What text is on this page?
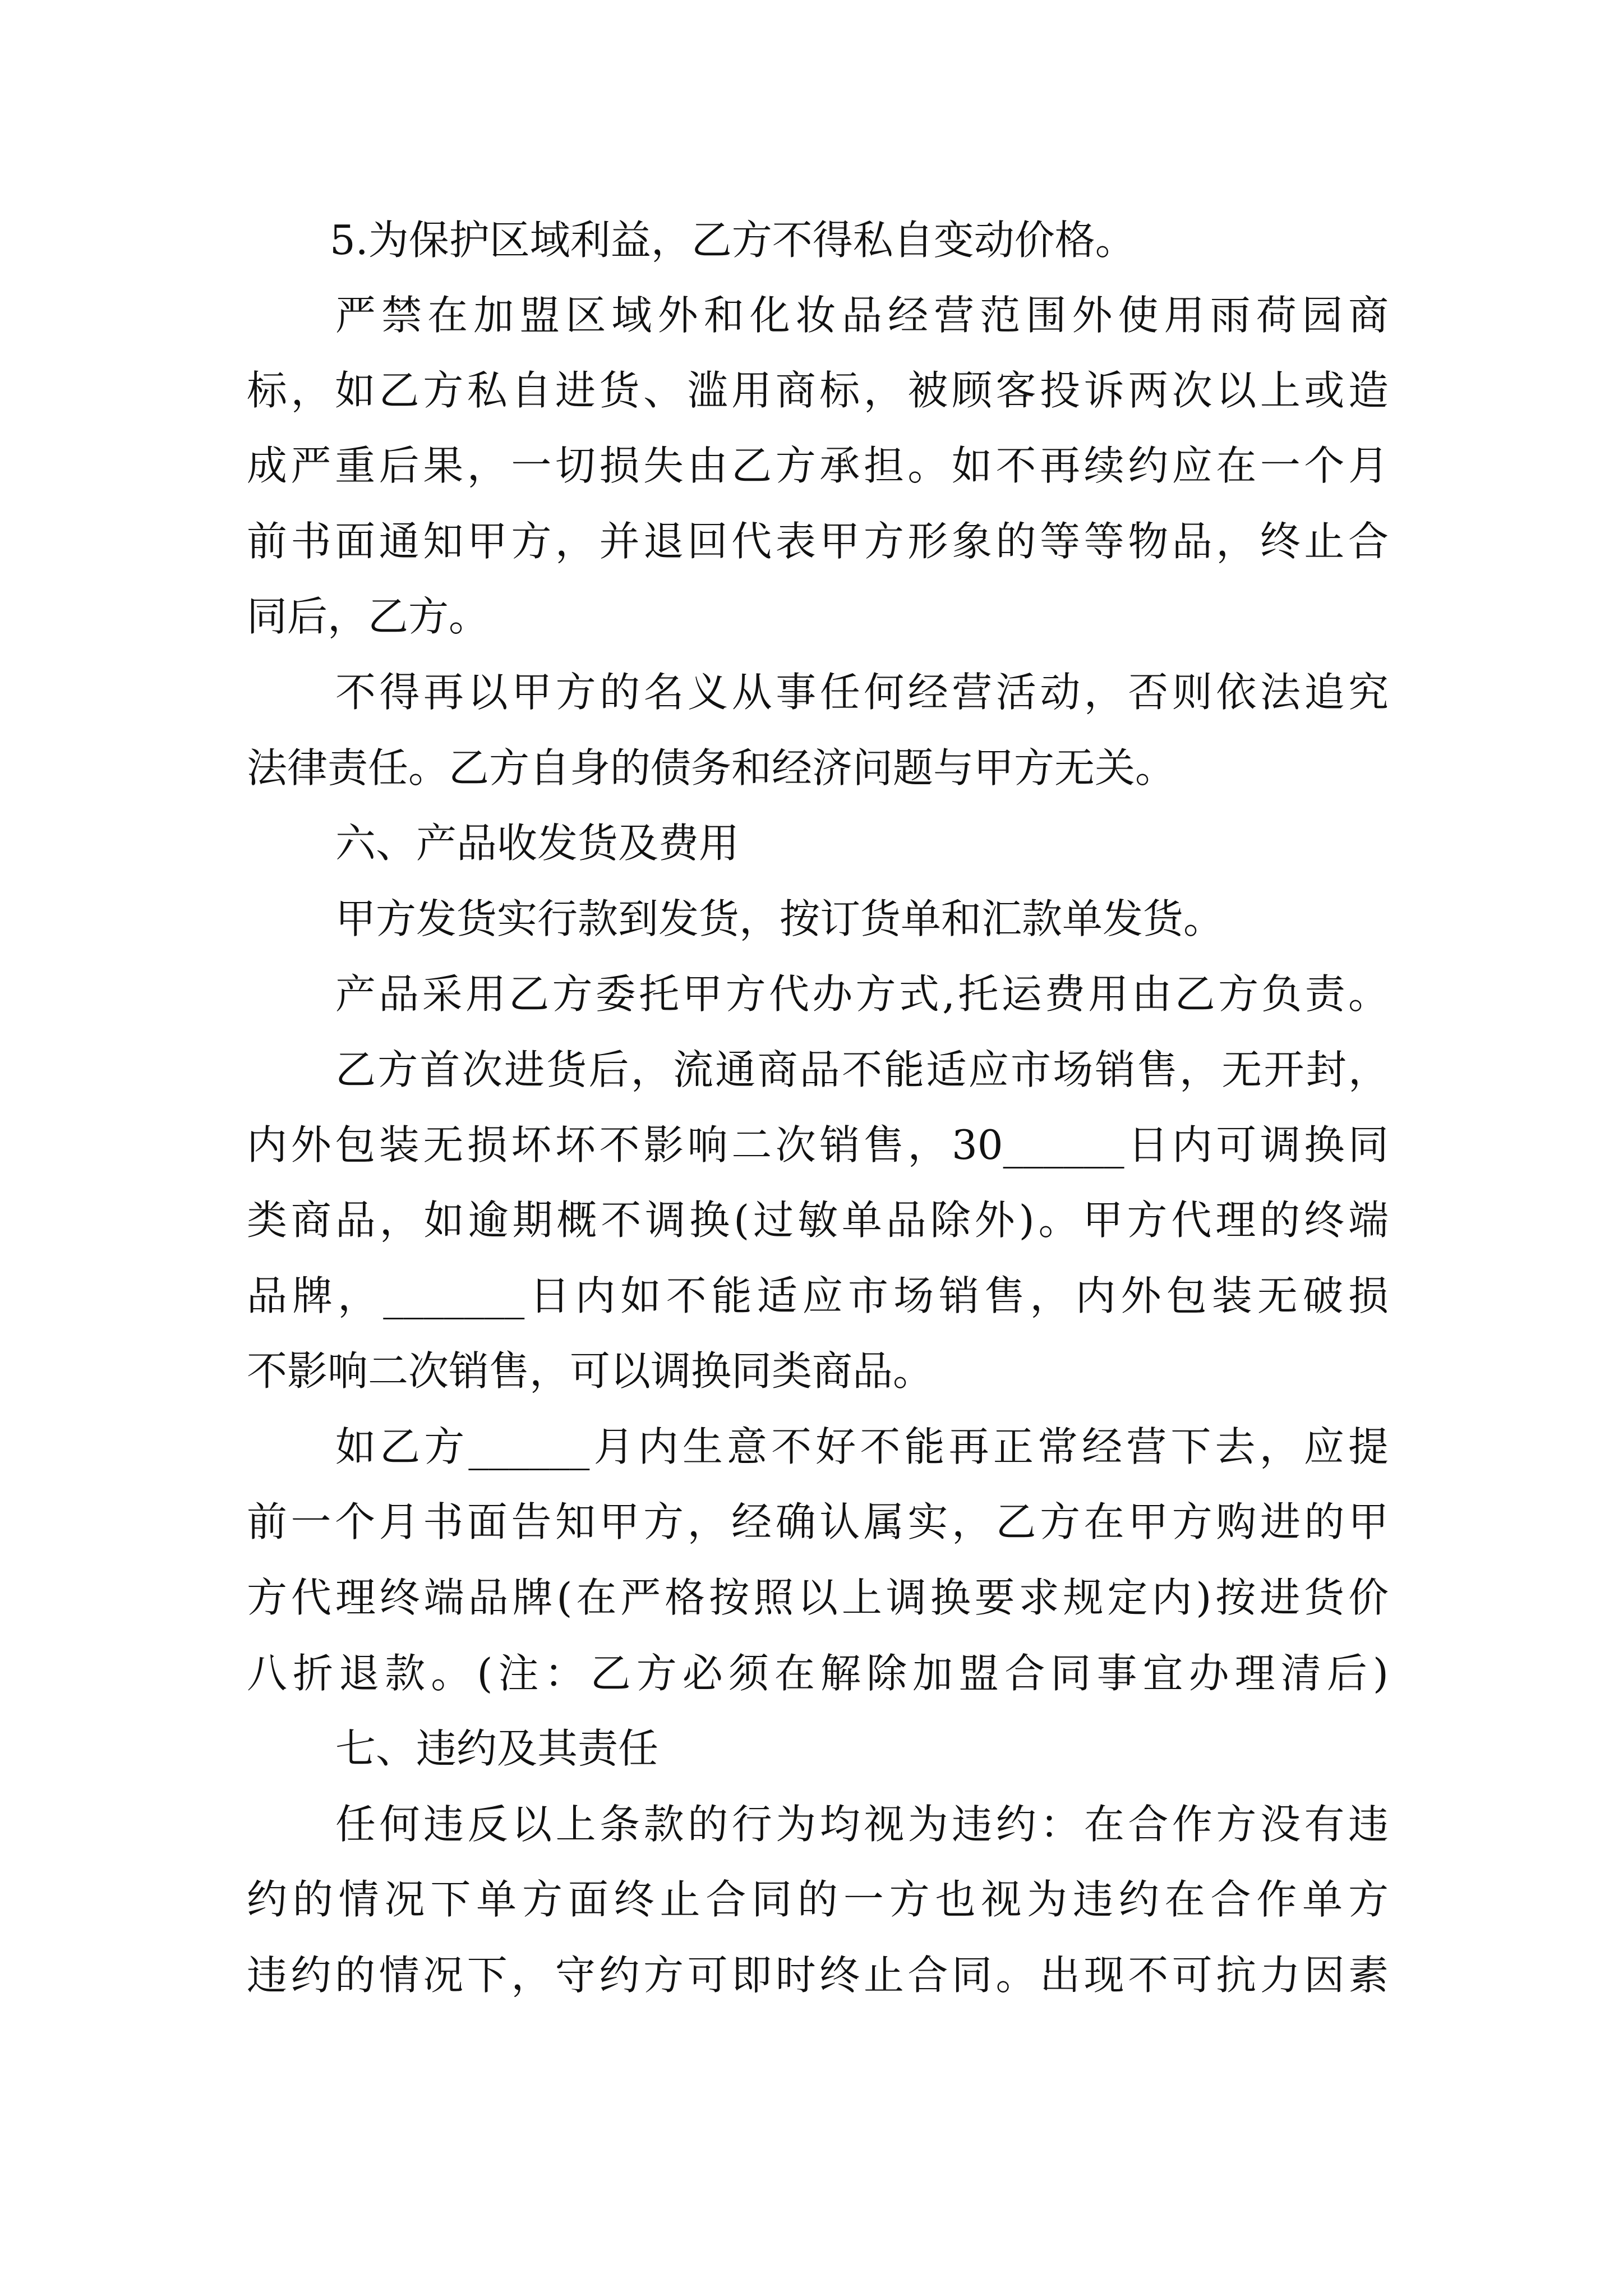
5.为保护区域利益，乙方不得私自变动价格。

严禁在加盟区域外和化妆品经营范围外使用雨荷园商

标，如乙方私自进货、滥用商标，被顾客投诉两次以上或造

成严重后果，一切损失由乙方承担。如不再续约应在一个月

前书面通知甲方，并退回代表甲方形象的等等物品，终止合

同后，乙方。

不得再以甲方的名义从事任何经营活动，否则依法追究

法律责任。乙方自身的债务和经济问题与甲方无关。

六、产品收发货及费用

甲方发货实行款到发货，按订货单和汇款单发货。

产品采用乙方委托甲方代办方式,托运费用由乙方负责。

乙方首次进货后，流通商品不能适应市场销售，无开封，

内外包装无损坏坏不影响二次销售，30______日内可调换同

类商品，如逾期概不调换(过敏单品除外)。甲方代理的终端

品牌，_______日内如不能适应市场销售，内外包装无破损

不影响二次销售，可以调换同类商品。

如乙方______月内生意不好不能再正常经营下去，应提

前一个月书面告知甲方，经确认属实，乙方在甲方购进的甲

方代理终端品牌(在严格按照以上调换要求规定内)按进货价

八折退款。(注：乙方必须在解除加盟合同事宜办理清后)

七、违约及其责任

任何违反以上条款的行为均视为违约：在合作方没有违

约的情况下单方面终止合同的一方也视为违约在合作单方

违约的情况下，守约方可即时终止合同。出现不可抗力因素
